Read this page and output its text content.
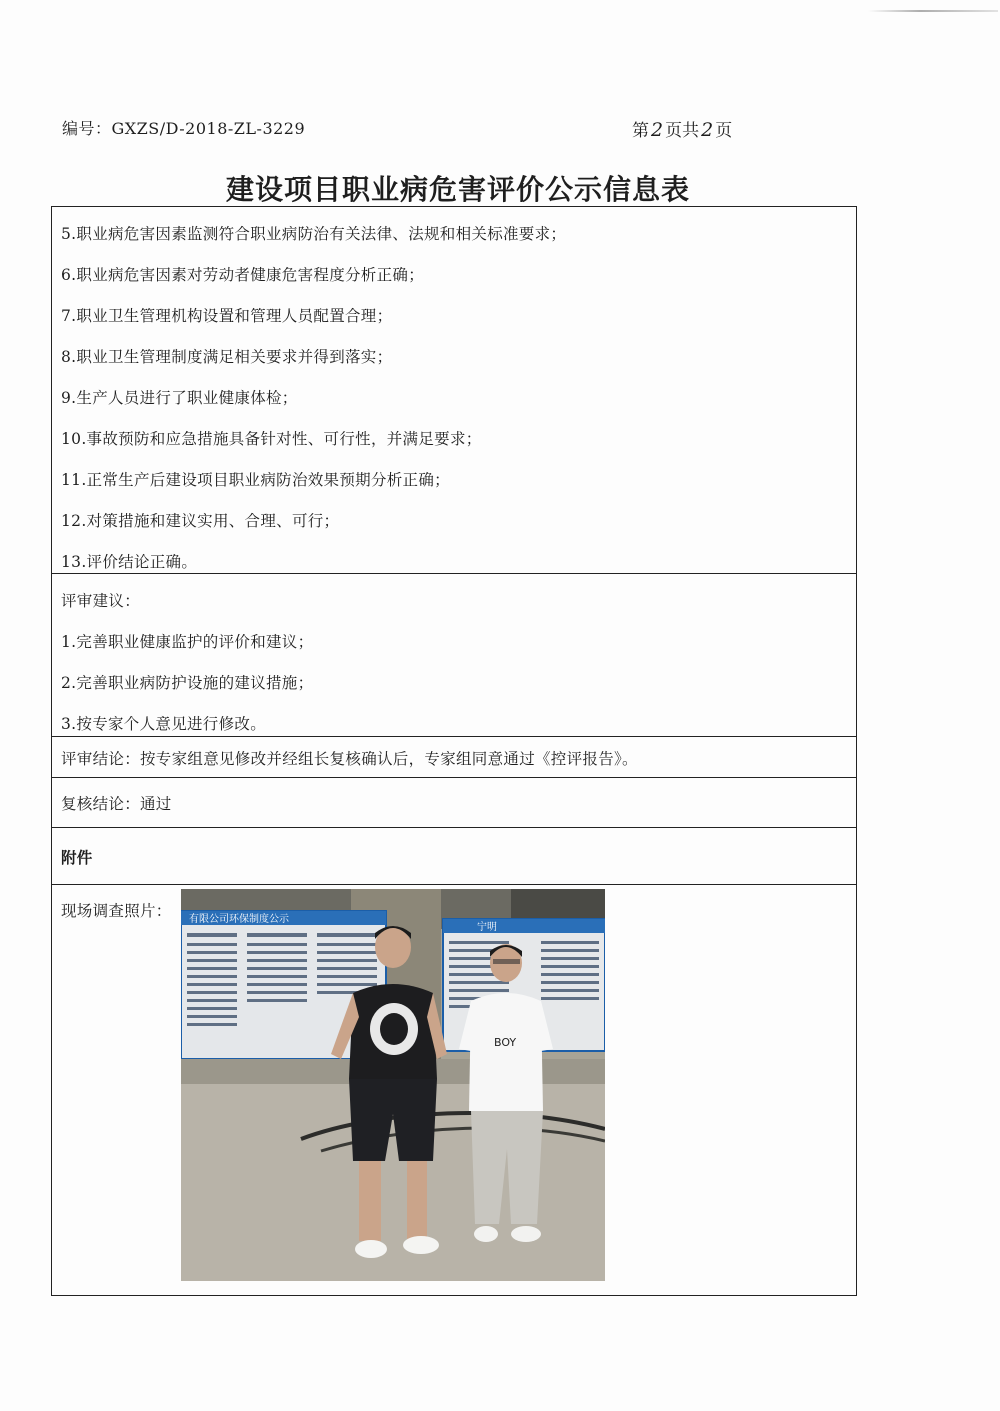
编号：GXZS/D-2018-ZL-3229	第 2 页共 2 页
建设项目职业病危害评价公示信息表
5.职业病危害因素监测符合职业病防治有关法律、法规和相关标准要求；
6.职业病危害因素对劳动者健康危害程度分析正确；
7.职业卫生管理机构设置和管理人员配置合理；
8.职业卫生管理制度满足相关要求并得到落实；
9.生产人员进行了职业健康体检；
10.事故预防和应急措施具备针对性、可行性，并满足要求；
11.正常生产后建设项目职业病防治效果预期分析正确；
12.对策措施和建议实用、合理、可行；
13.评价结论正确。
评审建议：
1.完善职业健康监护的评价和建议；
2.完善职业病防护设施的建议措施；
3.按专家个人意见进行修改。
评审结论：按专家组意见修改并经组长复核确认后，专家组同意通过《控评报告》。
复核结论：通过
附件
现场调查照片： 有限公司环保制度公示
宁明
BOY
